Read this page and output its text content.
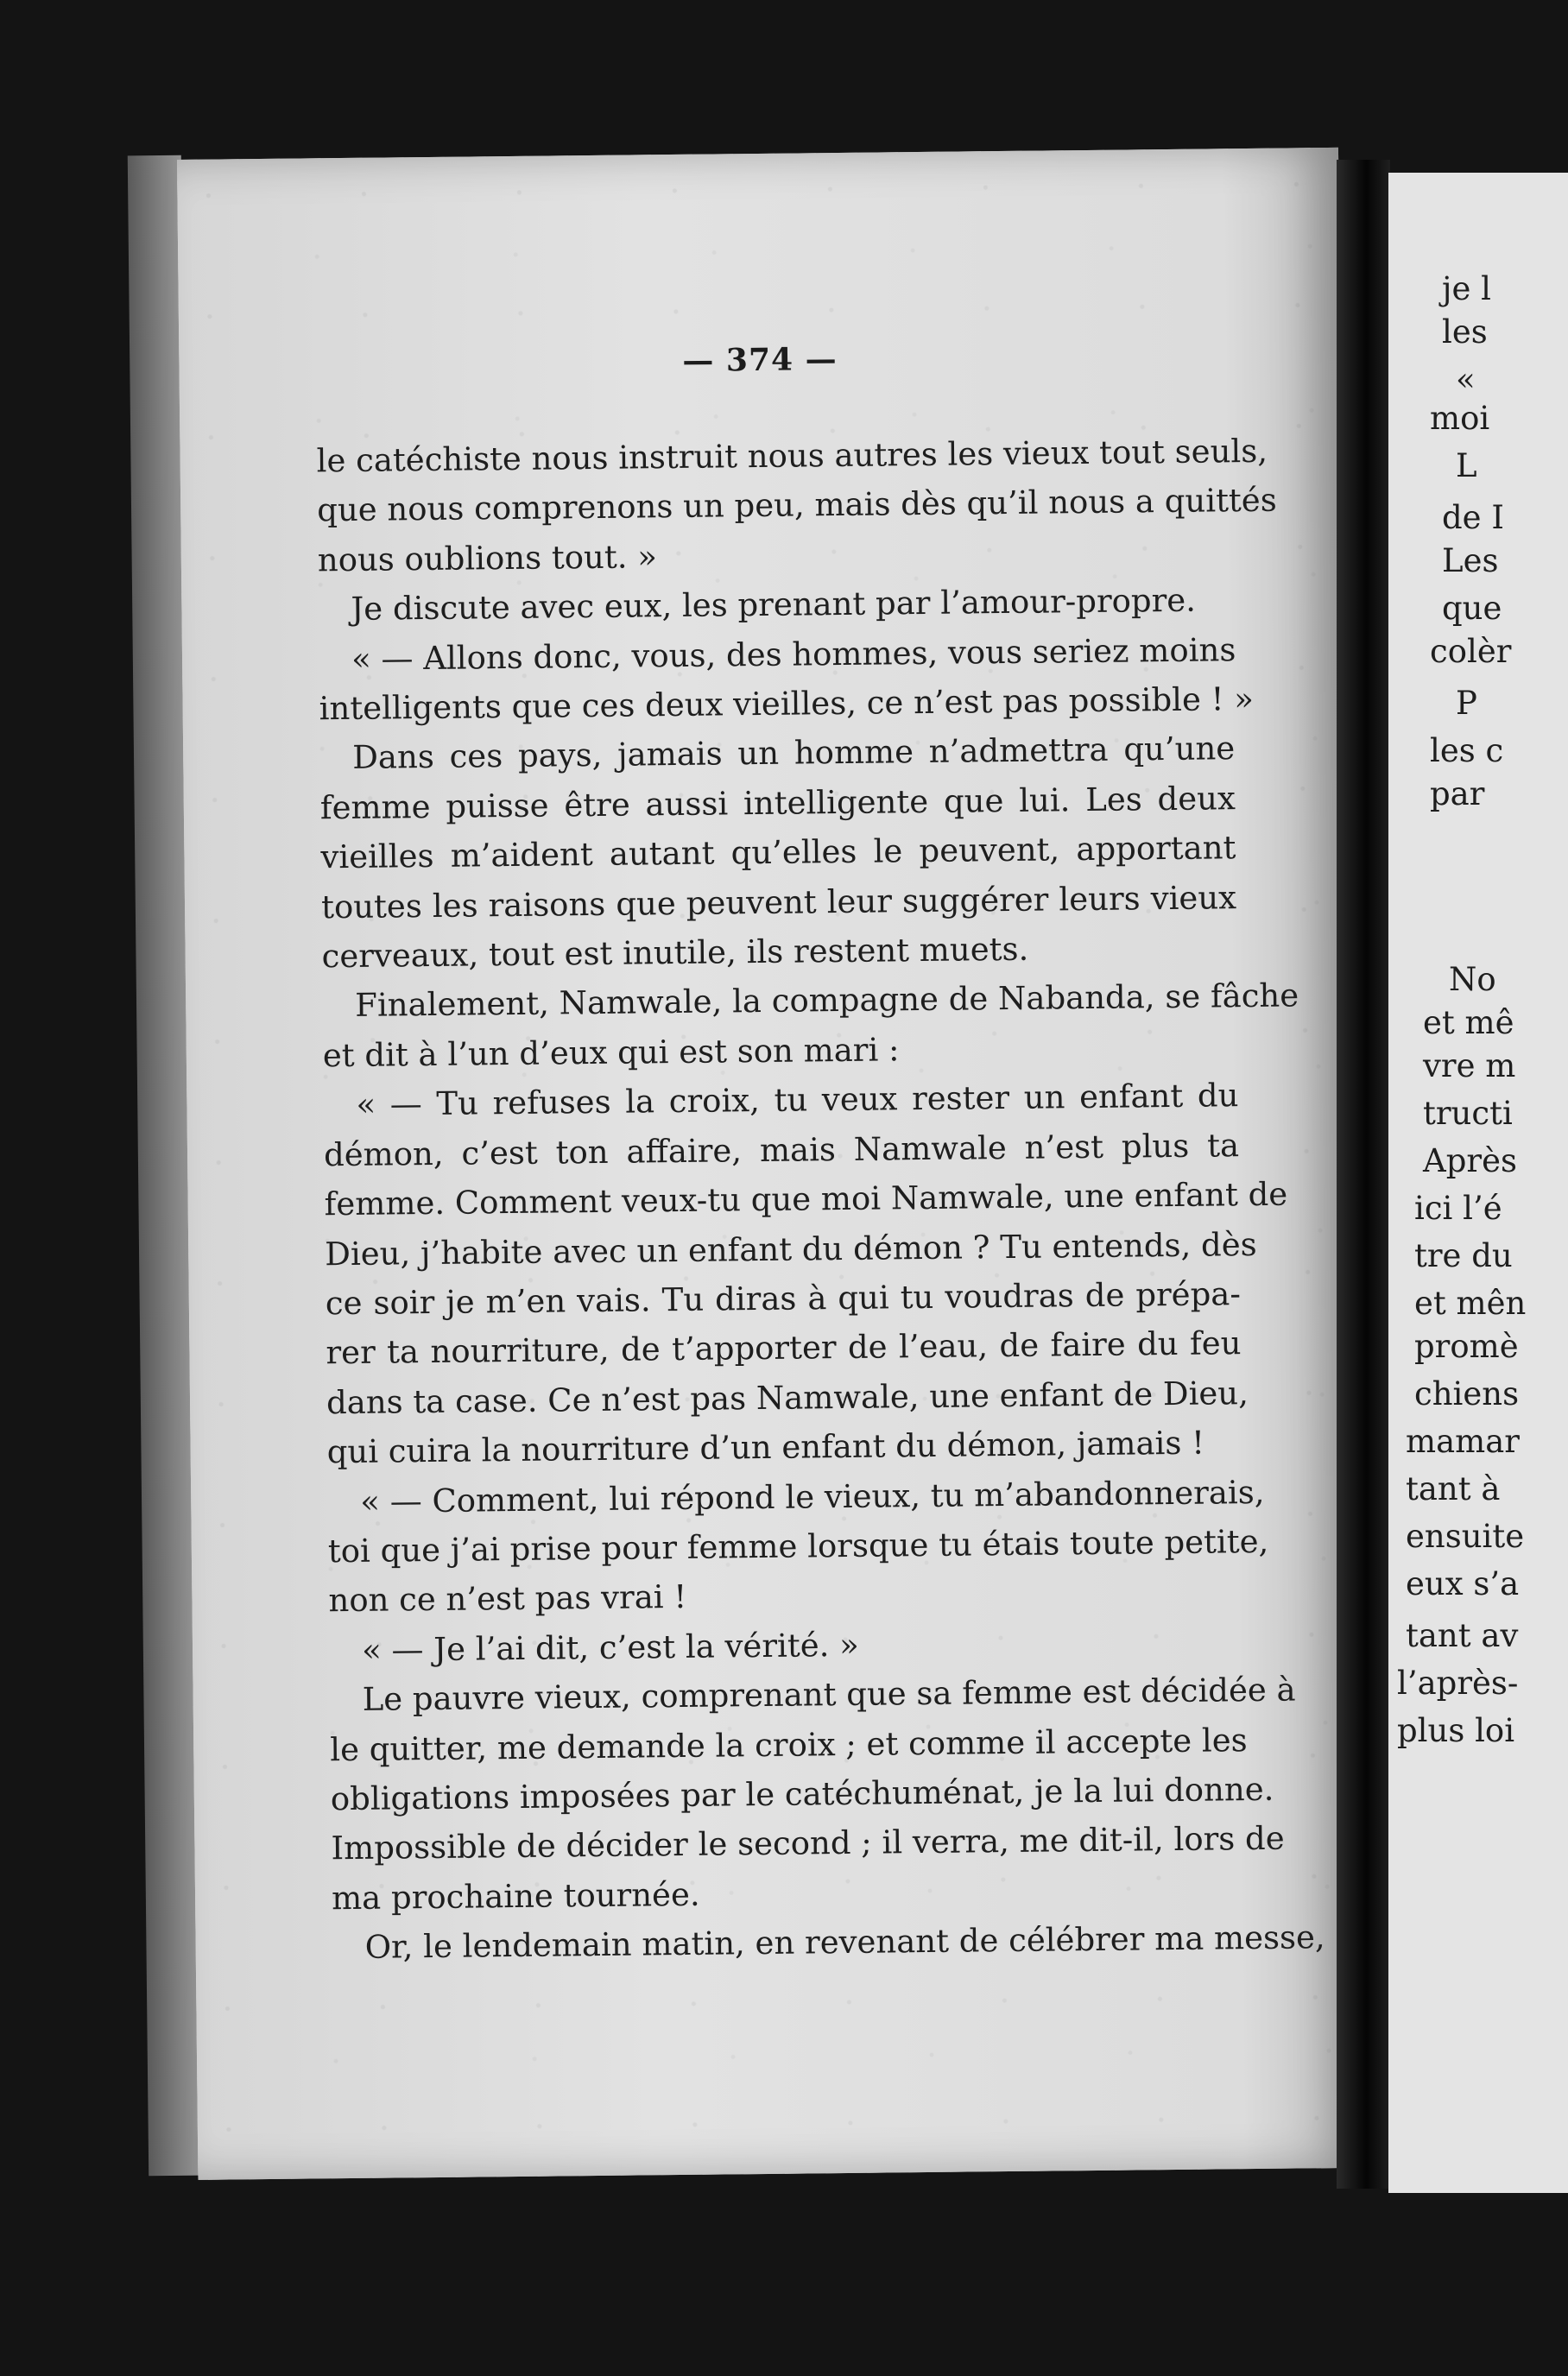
— 374 —
le catéchiste nous instruit nous autres les vieux tout seuls,
que nous comprenons un peu, mais dès qu’il nous a quittés
nous oublions tout. »
Je discute avec eux, les prenant par l’amour-propre.
« — Allons donc, vous, des hommes, vous seriez moins
intelligents que ces deux vieilles, ce n’est pas possible ! »
Dans ces pays, jamais un homme n’admettra qu’une
femme puisse être aussi intelligente que lui. Les deux
vieilles m’aident autant qu’elles le peuvent, apportant
toutes les raisons que peuvent leur suggérer leurs vieux
cerveaux, tout est inutile, ils restent muets.
Finalement, Namwale, la compagne de Nabanda, se fâche
et dit à l’un d’eux qui est son mari :
« — Tu refuses la croix, tu veux rester un enfant du
démon, c’est ton affaire, mais Namwale n’est plus ta
femme. Comment veux-tu que moi Namwale, une enfant de
Dieu, j’habite avec un enfant du démon ? Tu entends, dès
ce soir je m’en vais. Tu diras à qui tu voudras de prépa-
rer ta nourriture, de t’apporter de l’eau, de faire du feu
dans ta case. Ce n’est pas Namwale, une enfant de Dieu,
qui cuira la nourriture d’un enfant du démon, jamais !
« — Comment, lui répond le vieux, tu m’abandonnerais,
toi que j’ai prise pour femme lorsque tu étais toute petite,
non ce n’est pas vrai !
« — Je l’ai dit, c’est la vérité. »
Le pauvre vieux, comprenant que sa femme est décidée à
le quitter, me demande la croix ; et comme il accepte les
obligations imposées par le catéchuménat, je la lui donne.
Impossible de décider le second ; il verra, me dit-il, lors de
ma prochaine tournée.
Or, le lendemain matin, en revenant de célébrer ma messe,
je l
les
«
moi
L
de I
Les
que
colèr
P
les c
par
No
et mê
vre m
tructi
Après
ici l’é
tre du
et mên
promè
chiens
mamar
tant à
ensuite
eux s’a
tant av
l’après-
plus loi
